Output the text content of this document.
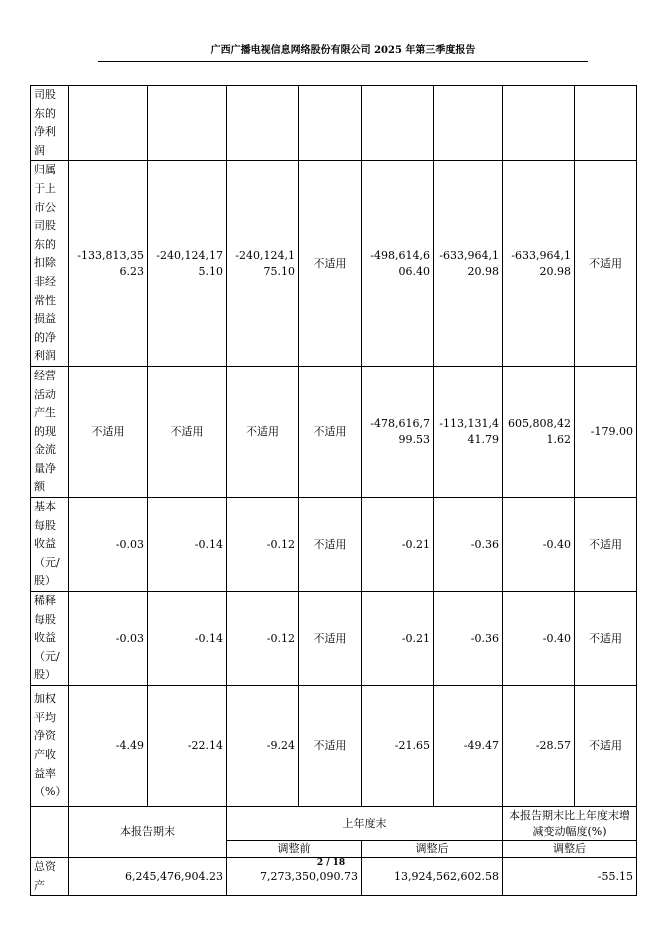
广西广播电视信息网络股份有限公司 2025 年第三季度报告
司股东的净利润								
归属于上市公司股东的扣除非经常性损益的净利润	-133,813,356.23	-240,124,175.10	-240,124,175.10	不适用	-498,614,606.40	-633,964,120.98	-633,964,120.98	不适用
经营活动产生的现金流量净额	不适用	不适用	不适用	不适用	-478,616,799.53	-113,131,441.79	605,808,421.62	-179.00
基本每股收益（元/股）	-0.03	-0.14	-0.12	不适用	-0.21	-0.36	-0.40	不适用
稀释每股收益（元/股）	-0.03	-0.14	-0.12	不适用	-0.21	-0.36	-0.40	不适用
加权平均净资产收益率（%）	-4.49	-22.14	-9.24	不适用	-21.65	-49.47	-28.57	不适用
	本报告期末		上年度末				本报告期末比上年度末增减变动幅度(%)	
			调整前		调整后		调整后	
总资产	6,245,476,904.23		7,273,350,090.73		13,924,562,602.58		-55.15	
2 / 18
